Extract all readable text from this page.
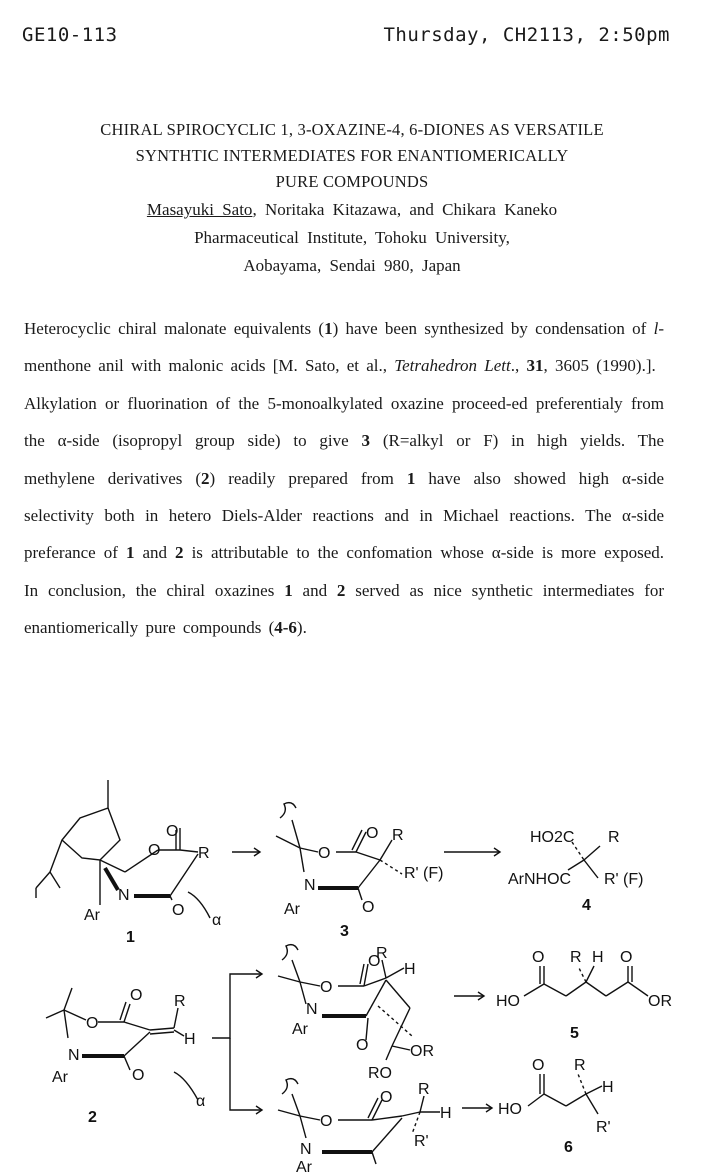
GE10-113	Thursday, CH2113, 2:50pm
CHIRAL SPIROCYCLIC 1, 3-OXAZINE-4, 6-DIONES AS VERSATILE
SYNTHTIC INTERMEDIATES FOR ENANTIOMERICALLY
PURE COMPOUNDS
Masayuki Sato, Noritaka Kitazawa, and Chikara Kaneko
Pharmaceutical Institute, Tohoku University,
Aobayama, Sendai 980, Japan

Heterocyclic chiral malonate equivalents (1) have been synthesized by condensation of l-menthone anil with malonic acids [M. Sato, et al., Tetrahedron Lett., 31, 3605 (1990).].

Alkylation or fluorination of the 5-monoalkylated oxazine proceed-ed preferentialy from the α-side (isopropyl group side) to give 3 (R=alkyl or F) in high yields. The methylene derivatives (2) readily prepared from 1 have also showed high α-side selectivity both in hetero Diels-Alder reactions and in Michael reactions. The α-side preferance of 1 and 2 is attributable to the confomation whose α-side is more exposed. In conclusion, the chiral oxazines 1 and 2 served as nice synthetic intermediates for enantiomerically pure compounds (4-6).

O
O R
N
Ar	O
α
1
O
O
R
R' (F)
N
Ar	O
3
HO2C R
ArNHOC R' (F)
4
O
O
R
H
N
Ar	O
α
2
O
O
R
H
N
Ar
O	OR
RO
O R H O
HO	OR
5
O
O
R
H
R'
N
Ar
O R
H
HO
R'
6
